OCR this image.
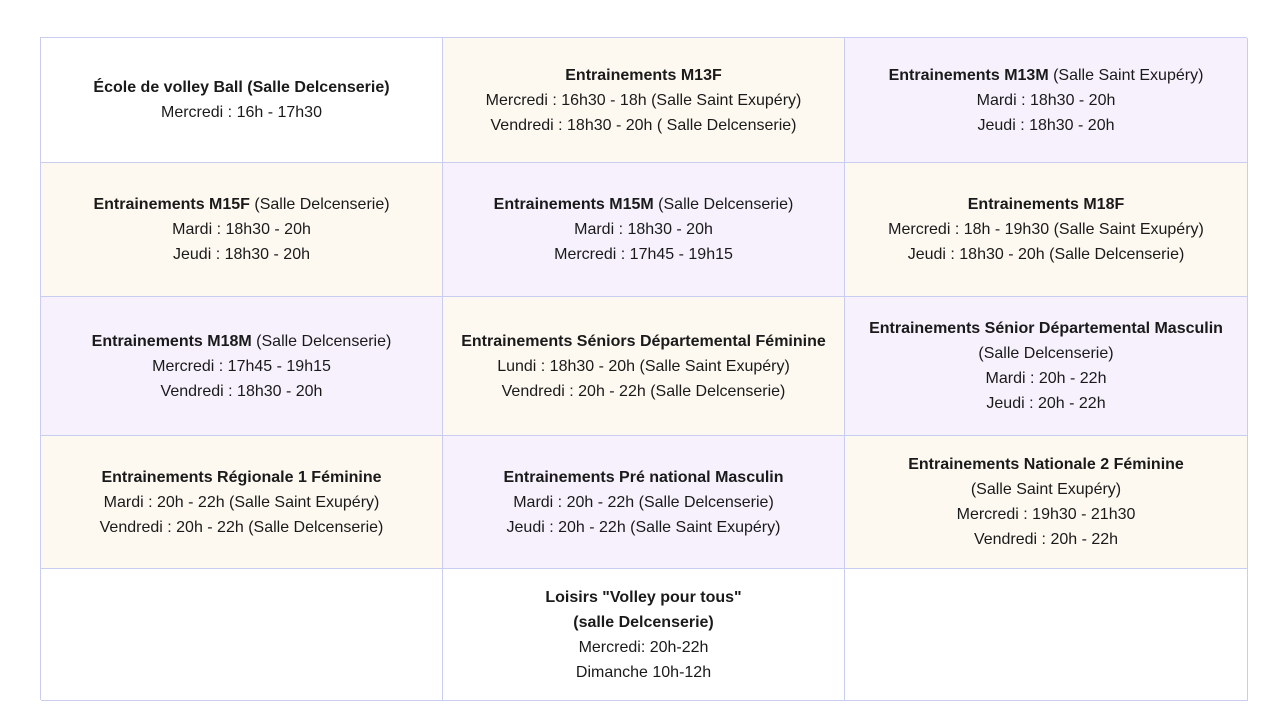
École de volley Ball (Salle Delcenserie)
Mercredi : 16h - 17h30
Entrainements M13F
Mercredi : 16h30 - 18h (Salle Saint Exupéry)
Vendredi : 18h30 - 20h ( Salle Delcenserie)
Entrainements M13M (Salle Saint Exupéry)
Mardi : 18h30 - 20h
Jeudi : 18h30 - 20h
Entrainements M15F (Salle Delcenserie)
Mardi : 18h30 - 20h
Jeudi : 18h30 - 20h
Entrainements M15M (Salle Delcenserie)
Mardi : 18h30 - 20h
Mercredi : 17h45 - 19h15
Entrainements M18F
Mercredi : 18h - 19h30 (Salle Saint Exupéry)
Jeudi : 18h30 - 20h (Salle Delcenserie)
Entrainements M18M (Salle Delcenserie)
Mercredi : 17h45 - 19h15
Vendredi : 18h30 - 20h
Entrainements Séniors Départemental Féminine
Lundi : 18h30 - 20h (Salle Saint Exupéry)
Vendredi : 20h - 22h (Salle Delcenserie)
Entrainements Sénior Départemental Masculin (Salle Delcenserie)
Mardi : 20h - 22h
Jeudi : 20h - 22h
Entrainements Régionale 1 Féminine
Mardi : 20h - 22h (Salle Saint Exupéry)
Vendredi : 20h - 22h (Salle Delcenserie)
Entrainements Pré national Masculin
Mardi : 20h - 22h (Salle Delcenserie)
Jeudi : 20h - 22h (Salle Saint Exupéry)
Entrainements Nationale 2 Féminine
(Salle Saint Exupéry)
Mercredi : 19h30 - 21h30
Vendredi : 20h - 22h
Loisirs "Volley pour tous" (salle Delcenserie)
Mercredi: 20h-22h
Dimanche 10h-12h
